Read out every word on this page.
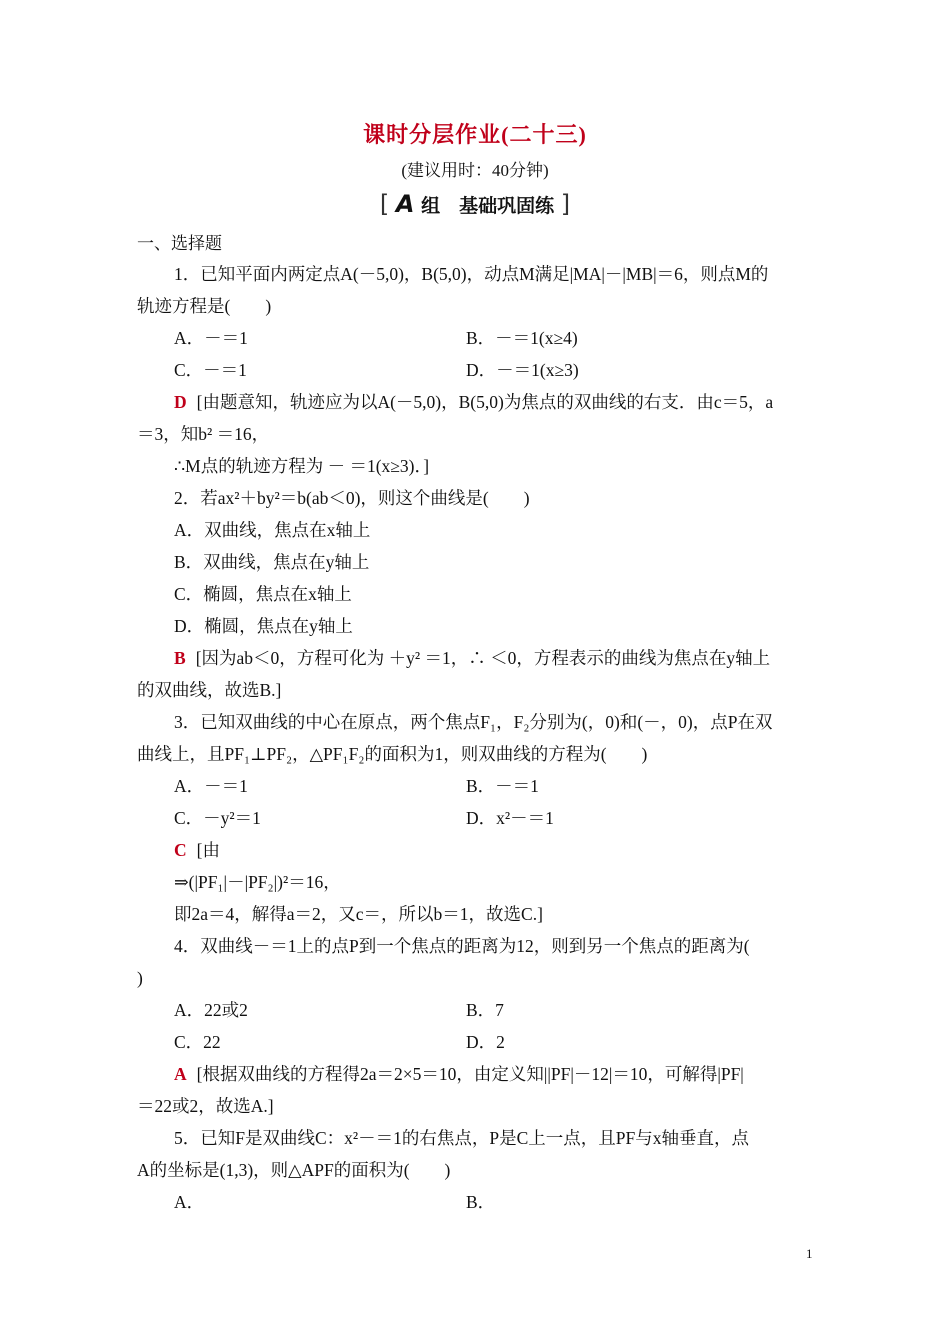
课时分层作业(二十三)
(建议用时：40分钟)
[ A 组　基础巩固练 ]
一、选择题
1．已知平面内两定点A(－5,0)，B(5,0)，动点M满足|MA|－|MB|＝6，则点M的
轨迹方程是(　　)
A．－＝1	B．－＝1(x≥4)
C．－＝1	D．－＝1(x≥3)
D [由题意知，轨迹应为以A(－5,0)，B(5,0)为焦点的双曲线的右支．由c＝5，a
＝3，知b² ＝16，
∴M点的轨迹方程为 － ＝1(x≥3)．]
2．若ax²＋by²＝b(ab＜0)，则这个曲线是(　　)
A．双曲线，焦点在x轴上
B．双曲线，焦点在y轴上
C．椭圆，焦点在x轴上
D．椭圆，焦点在y轴上
B [因为ab＜0，方程可化为 ＋y² ＝1，∴ ＜0，方程表示的曲线为焦点在y轴上
的双曲线，故选B.]
3．已知双曲线的中心在原点，两个焦点F₁，F₂分别为(，0)和(－，0)，点P在双
曲线上，且PF₁⊥PF₂，△PF₁F₂的面积为1，则双曲线的方程为(　　)
A．－＝1	B．－＝1
C．－y²＝1	D．x²－＝1
C [由
⇒(|PF₁|－|PF₂|)²＝16，
即2a＝4，解得a＝2，又c＝，所以b＝1，故选C.]
4．双曲线－＝1上的点P到一个焦点的距离为12，则到另一个焦点的距离为(
)
A．22或2	B．7
C．22	D．2
A [根据双曲线的方程得2a＝2×5＝10，由定义知||PF|－12|＝10，可解得|PF|
＝22或2，故选A.]
5．已知F是双曲线C：x²－＝1的右焦点，P是C上一点，且PF与x轴垂直，点
A的坐标是(1,3)，则△APF的面积为(　　)
A．	B．
1
